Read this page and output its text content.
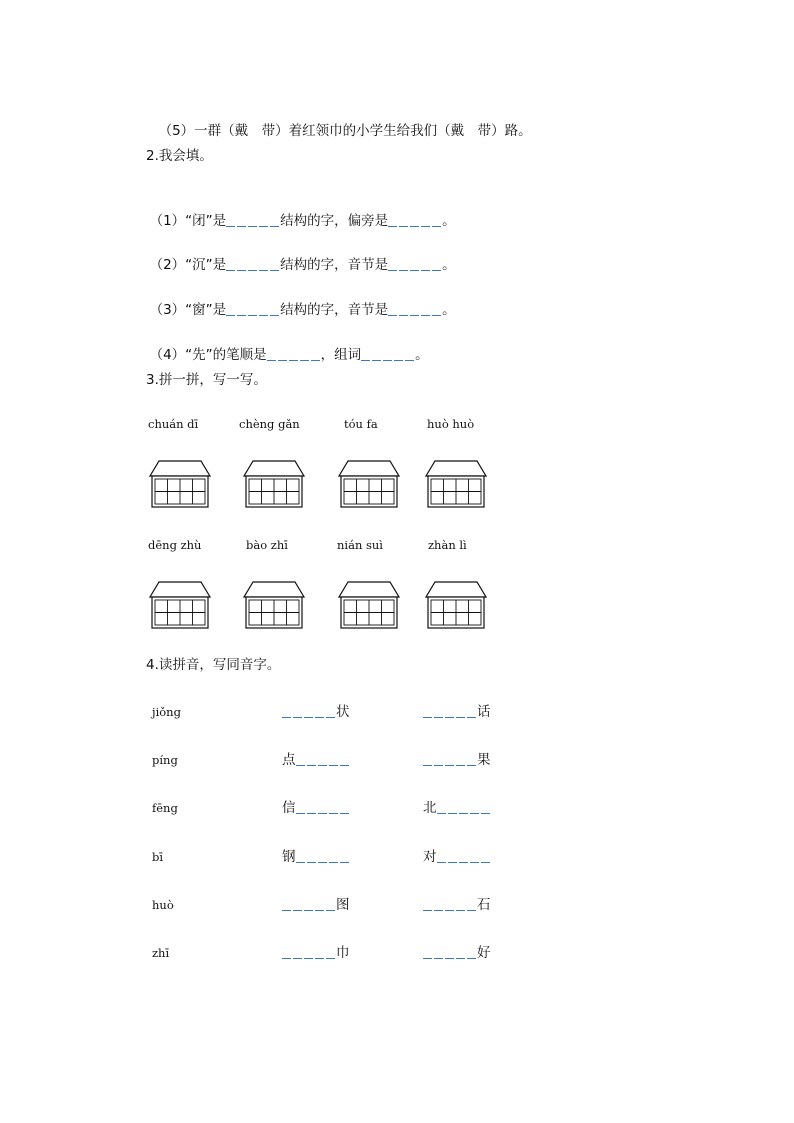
（5）一群（戴　带）着红领巾的小学生给我们（戴　带）路。

2.我会填。

（1）“闭”是	结构的字，偏旁是	。

（2）“沉”是	结构的字，音节是	。

（3）“窗”是	结构的字，音节是	。

（4）“先”的笔顺是	，组词	。

3.拼一拼，写一写。
chuán dī	chèng gǎn	tóu fa	huò huò
dēng zhù	bào zhī	nián suì	zhàn lì
4.读拼音，写同音字。
jiǒng	状	话
píng	点	果
fēng	信	北
bī	钢	对
huò	图	石
zhī	巾	好
